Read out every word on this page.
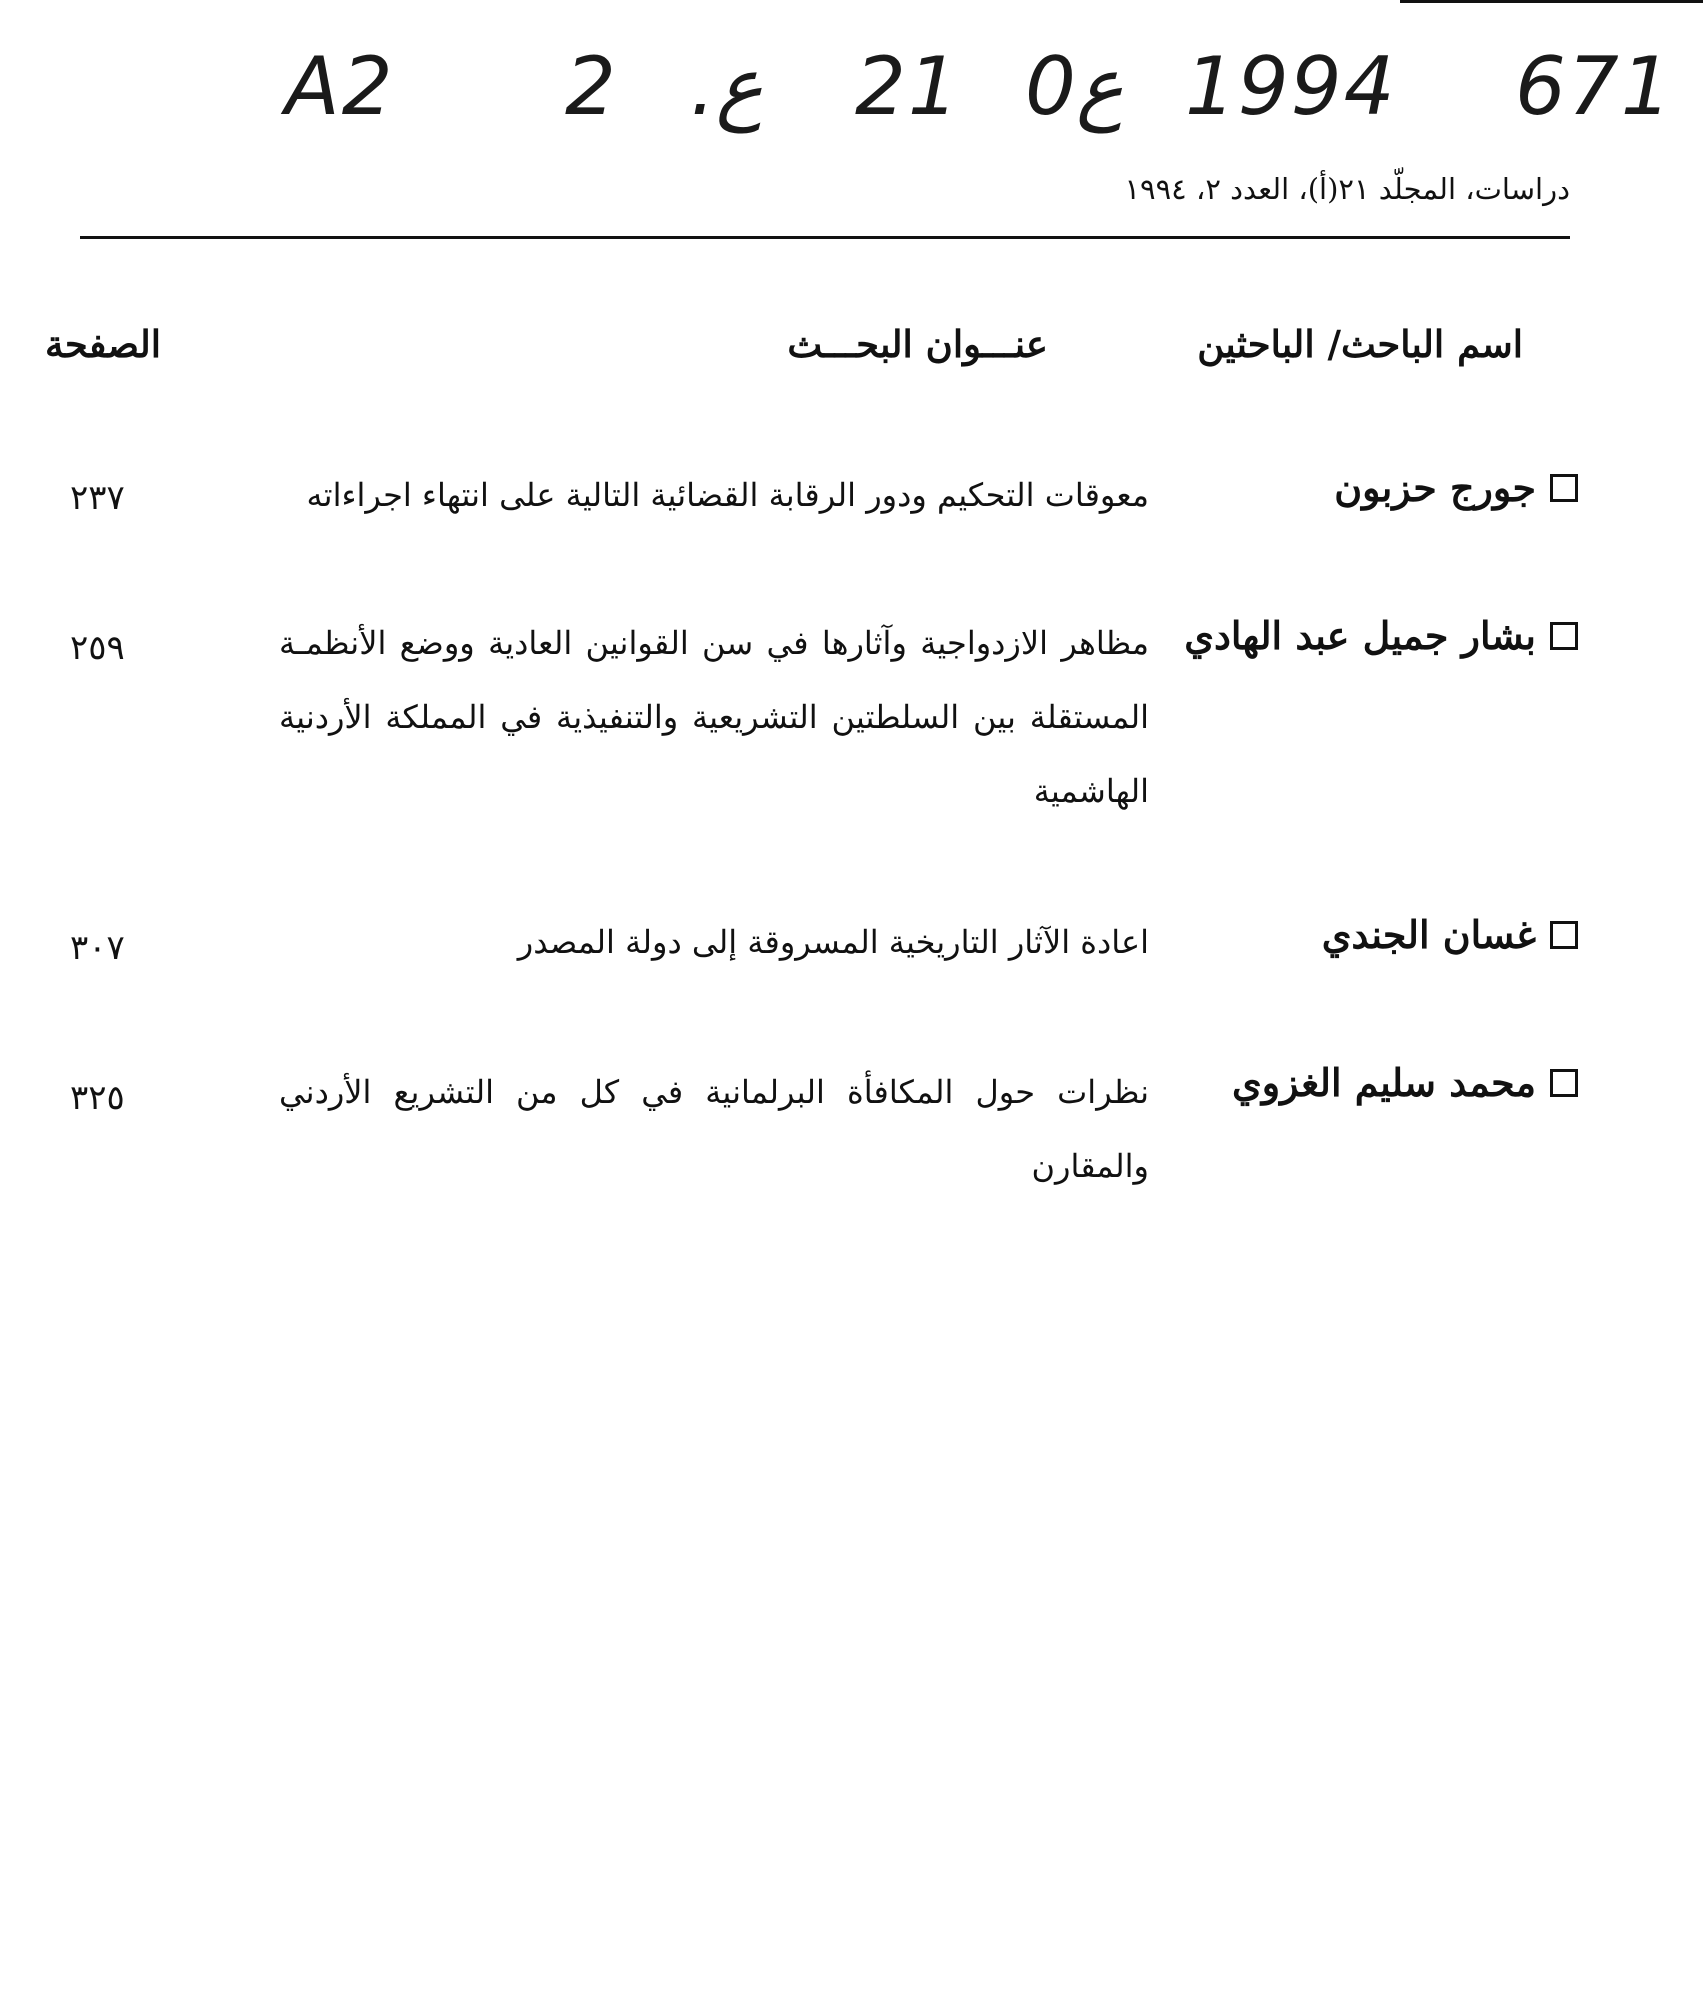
A2 2 .ع 21 ع0 1994 671
دراسات، المجلّد ٢١(أ)، العدد ٢، ١٩٩٤
اسم الباحث/ الباحثين
عنـــوان البحـــث
الصفحة
جورج حزبون
معوقات التحكيم ودور الرقابة القضائية التالية على انتهاء اجراءاته
٢٣٧
بشار جميل عبد الهادي
مظاهر الازدواجية وآثارها في سن القوانين العادية ووضع الأنظمـة المستقلة بين السلطتين التشريعية والتنفيذية في المملكة الأردنية الهاشمية
٢٥٩
غسان الجندي
اعادة الآثار التاريخية المسروقة إلى دولة المصدر
٣٠٧
محمد سليم الغزوي
نظرات حول المكافأة البرلمانية في كل من التشريع الأردني والمقارن
٣٢٥
